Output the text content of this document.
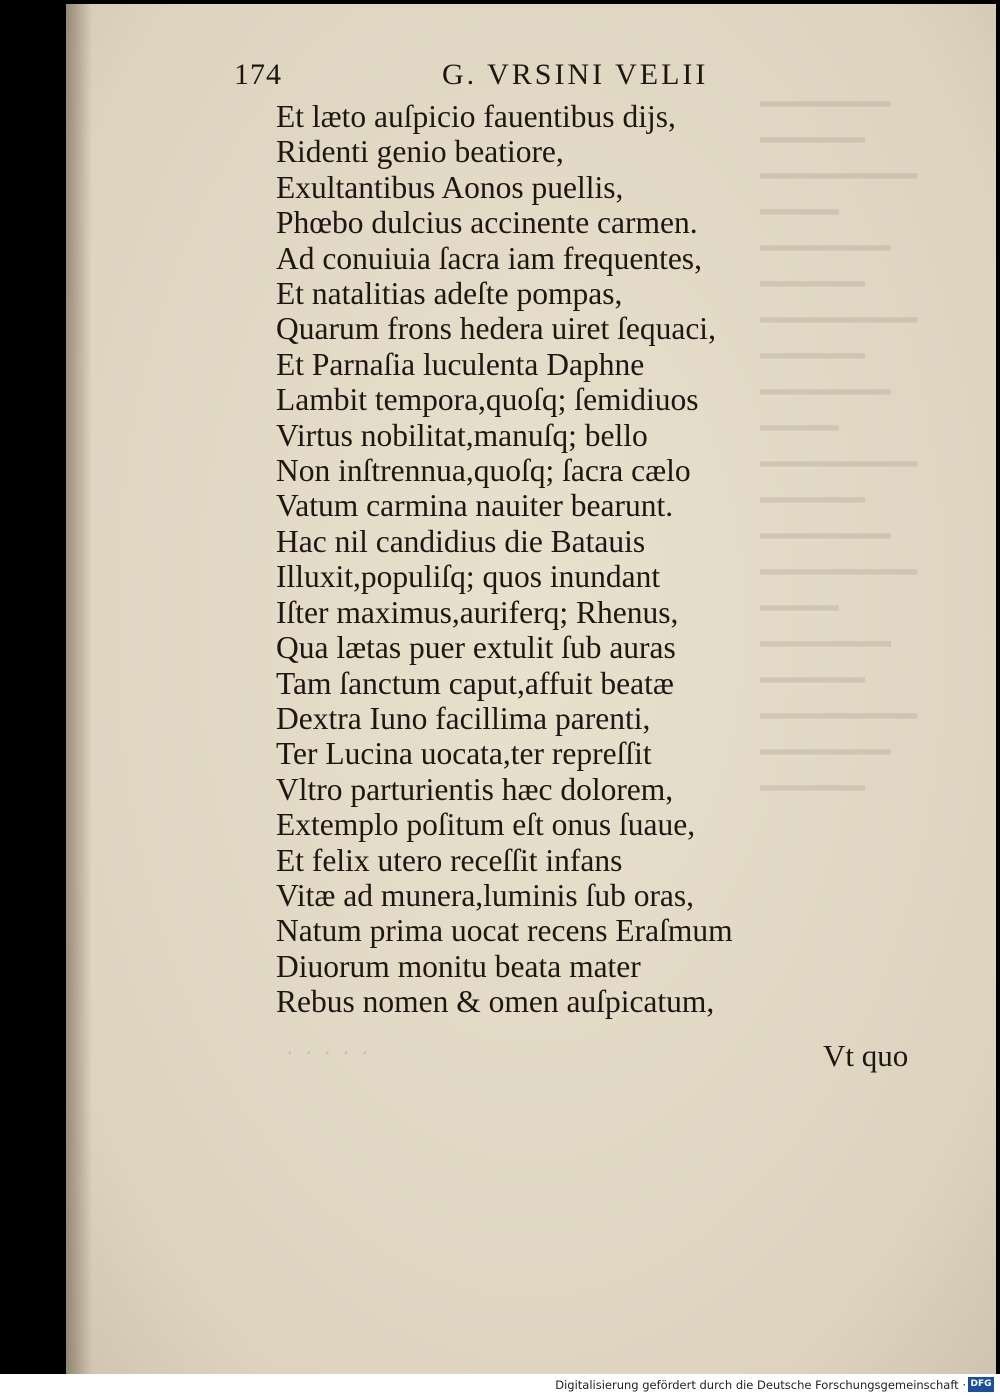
▁▁▁▁▁
▁▁▁▁
▁▁▁▁▁▁
▁▁▁
▁▁▁▁▁
▁▁▁▁
▁▁▁▁▁▁
▁▁▁▁
▁▁▁▁▁
▁▁▁
▁▁▁▁▁▁
▁▁▁▁
▁▁▁▁▁
▁▁▁▁▁▁
▁▁▁
▁▁▁▁▁
▁▁▁▁
▁▁▁▁▁▁
▁▁▁▁▁
▁▁▁▁
174	G. VRSINI VELII
Et læto auſpicio fauentibus dijs,
Ridenti genio beatiore,
Exultantibus Aonos puellis,
Phœbo dulcius accinente carmen.
Ad conuiuia ſacra iam frequentes,
Et natalitias adeſte pompas,
Quarum frons hedera uiret ſequaci,
Et Parnaſia luculenta Daphne
Lambit tempora,quoſq; ſemidiuos
Virtus nobilitat,manuſq; bello
Non inſtrennua,quoſq; ſacra cælo
Vatum carmina nauiter bearunt.
Hac nil candidius die Batauis
Illuxit,populiſq; quos inundant
Iſter maximus,auriferq; Rhenus,
Qua lætas puer extulit ſub auras
Tam ſanctum caput,affuit beatæ
Dextra Iuno facillima parenti,
Ter Lucina uocata,ter repreſſit
Vltro parturientis hæc dolorem,
Extemplo poſitum eſt onus ſuaue,
Et felix utero receſſit infans
Vitæ ad munera,luminis ſub oras,
Natum prima uocat recens Eraſmum
Diuorum monitu beata mater
Rebus nomen & omen auſpicatum,
· · · · ·	Vt quo
Digitalisierung gefördert durch die Deutsche Forschungsgemeinschaft · DFG
